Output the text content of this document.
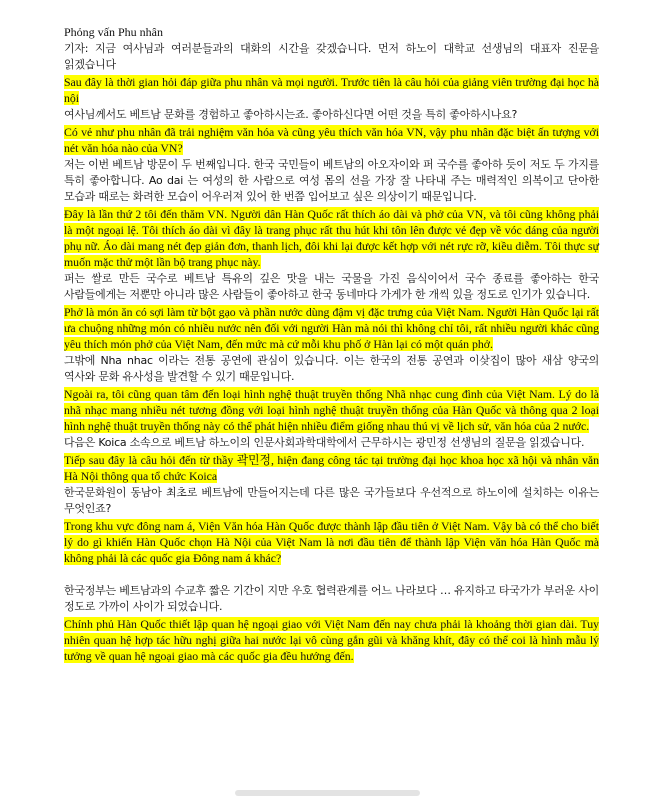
Phỏng vấn Phu nhân
기자: 지금 여사님과 여러분들과의 대화의 시간을 갖겠습니다. 먼저 하노이 대학교 선생님의 대표자 진문을 읽겠습니다
Sau đây là thời gian hỏi đáp giữa phu nhân và mọi người. Trước tiên là câu hỏi của giảng viên trường đại học hà nội
여사님께서도 베트남 문화를 경험하고 좋아하시는죠. 좋아하신다면 어떤 것을 특히 좋아하시나요?
Có vẻ như phu nhân đã trải nghiệm văn hóa và cũng yêu thích văn hóa VN, vậy phu nhân đặc biệt ấn tượng với nét văn hóa nào của VN?
저는 이번 베트남 방문이 두 번째입니다. 한국 국민들이 베트남의 아오자이와 퍼 국수를 좋아하 듯이 저도 두 가지를 특히 좋아합니다. Ao dai 는 여성의 한 사람으로 여성 몸의 선을 가장 잘 나타내 주는 매력적인 의복이고 단아한 모습과 때로는 화려한 모습이 어우러져 있어 한 번쯤 입어보고 싶은 의상이기 때문입니다.
Đây là lần thứ 2 tôi đến thăm VN. Người dân Hàn Quốc rất thích áo dài và phở của VN, và tôi cũng không phải là một ngoại lệ. Tôi thích áo dài vì đây là trang phục rất thu hút khi tôn lên được vẻ đẹp về vóc dáng của người phụ nữ. Áo dài mang nét đẹp giản đơn, thanh lịch, đôi khi lại được kết hợp với nét rực rỡ, kiều diễm. Tôi thực sự muốn mặc thử một lần bộ trang phục này.
퍼는 쌀로 만든 국수로 베트남 특유의 깊은 맛을 내는 국물을 가진 음식이어서 국수 종료를 좋아하는 한국 사람들에게는 저뿐만 아니라 많은 사람들이 좋아하고 한국 동네마다 가게가 한 개씩 있을 정도로 인기가 있습니다.
Phở là món ăn có sợi làm từ bột gạo và phần nước dùng đậm vị đặc trưng của Việt Nam. Người Hàn Quốc lại rất ưa chuộng những món có nhiều nước nên đối với người Hàn mà nói thì không chỉ tôi, rất nhiều người khác cũng yêu thích món phở của Việt Nam, đến mức mà cứ mỗi khu phố ở Hàn lại có một quán phở.
그밖에 Nha nhac 이라는 전통 공연에 관심이 있습니다. 이는 한국의 전통 공연과 이샂집이 많아 새삼 양국의 역사와 문화 유사성을 발견할 수 있기 때문입니다.
Ngoài ra, tôi cũng quan tâm đến loại hình nghệ thuật truyền thống Nhã nhạc cung đình của Việt Nam. Lý do là nhã nhạc mang nhiều nét tương đồng với loại hình nghệ thuật truyền thống của Hàn Quốc và thông qua 2 loại hình nghệ thuật truyền thống này có thể phát hiện nhiều điểm giống nhau thú vị về lịch sử, văn hóa của 2 nước.
다음은 Koica 소속으로 베트남 하노이의 인문사회과학대학에서 근무하시는 광민정 선생님의 질문을 읽겠습니다.
Tiếp sau đây là câu hỏi đến từ thầy 곽민정, hiện đang công tác tại trường đại học khoa học xã hội và nhân văn Hà Nội thông qua tổ chức Koica
한국문화원이 동남아 최초로 베트남에 만들어지는데 다른 많은 국가들보다 우선적으로 하노이에 설치하는 이유는 무엇인죠?
Trong khu vực đông nam á, Viện Văn hóa Hàn Quốc được thành lập đầu tiên ở Việt Nam. Vậy bà có thể cho biết lý do gì khiến Hàn Quốc chọn Hà Nội của Việt Nam là nơi đầu tiên để thành lập Viện văn hóa Hàn Quốc mà không phải là các quốc gia Đông nam á khác?
한국정부는 베트남과의 수교후 짧은 기간이 지만 우호 협력관계를 어느 나라보다 … 유지하고 타국가가 부러운 사이 정도로 가까이 사이가 되었습니다.
Chính phủ Hàn Quốc thiết lập quan hệ ngoại giao với Việt Nam đến nay chưa phải là khoảng thời gian dài. Tuy nhiên quan hệ hợp tác hữu nghị giữa hai nước lại vô cùng gắn gũi và khăng khít, đây có thể coi là hình mẫu lý tưởng về quan hệ ngoại giao mà các quốc gia đều hướng đến.
